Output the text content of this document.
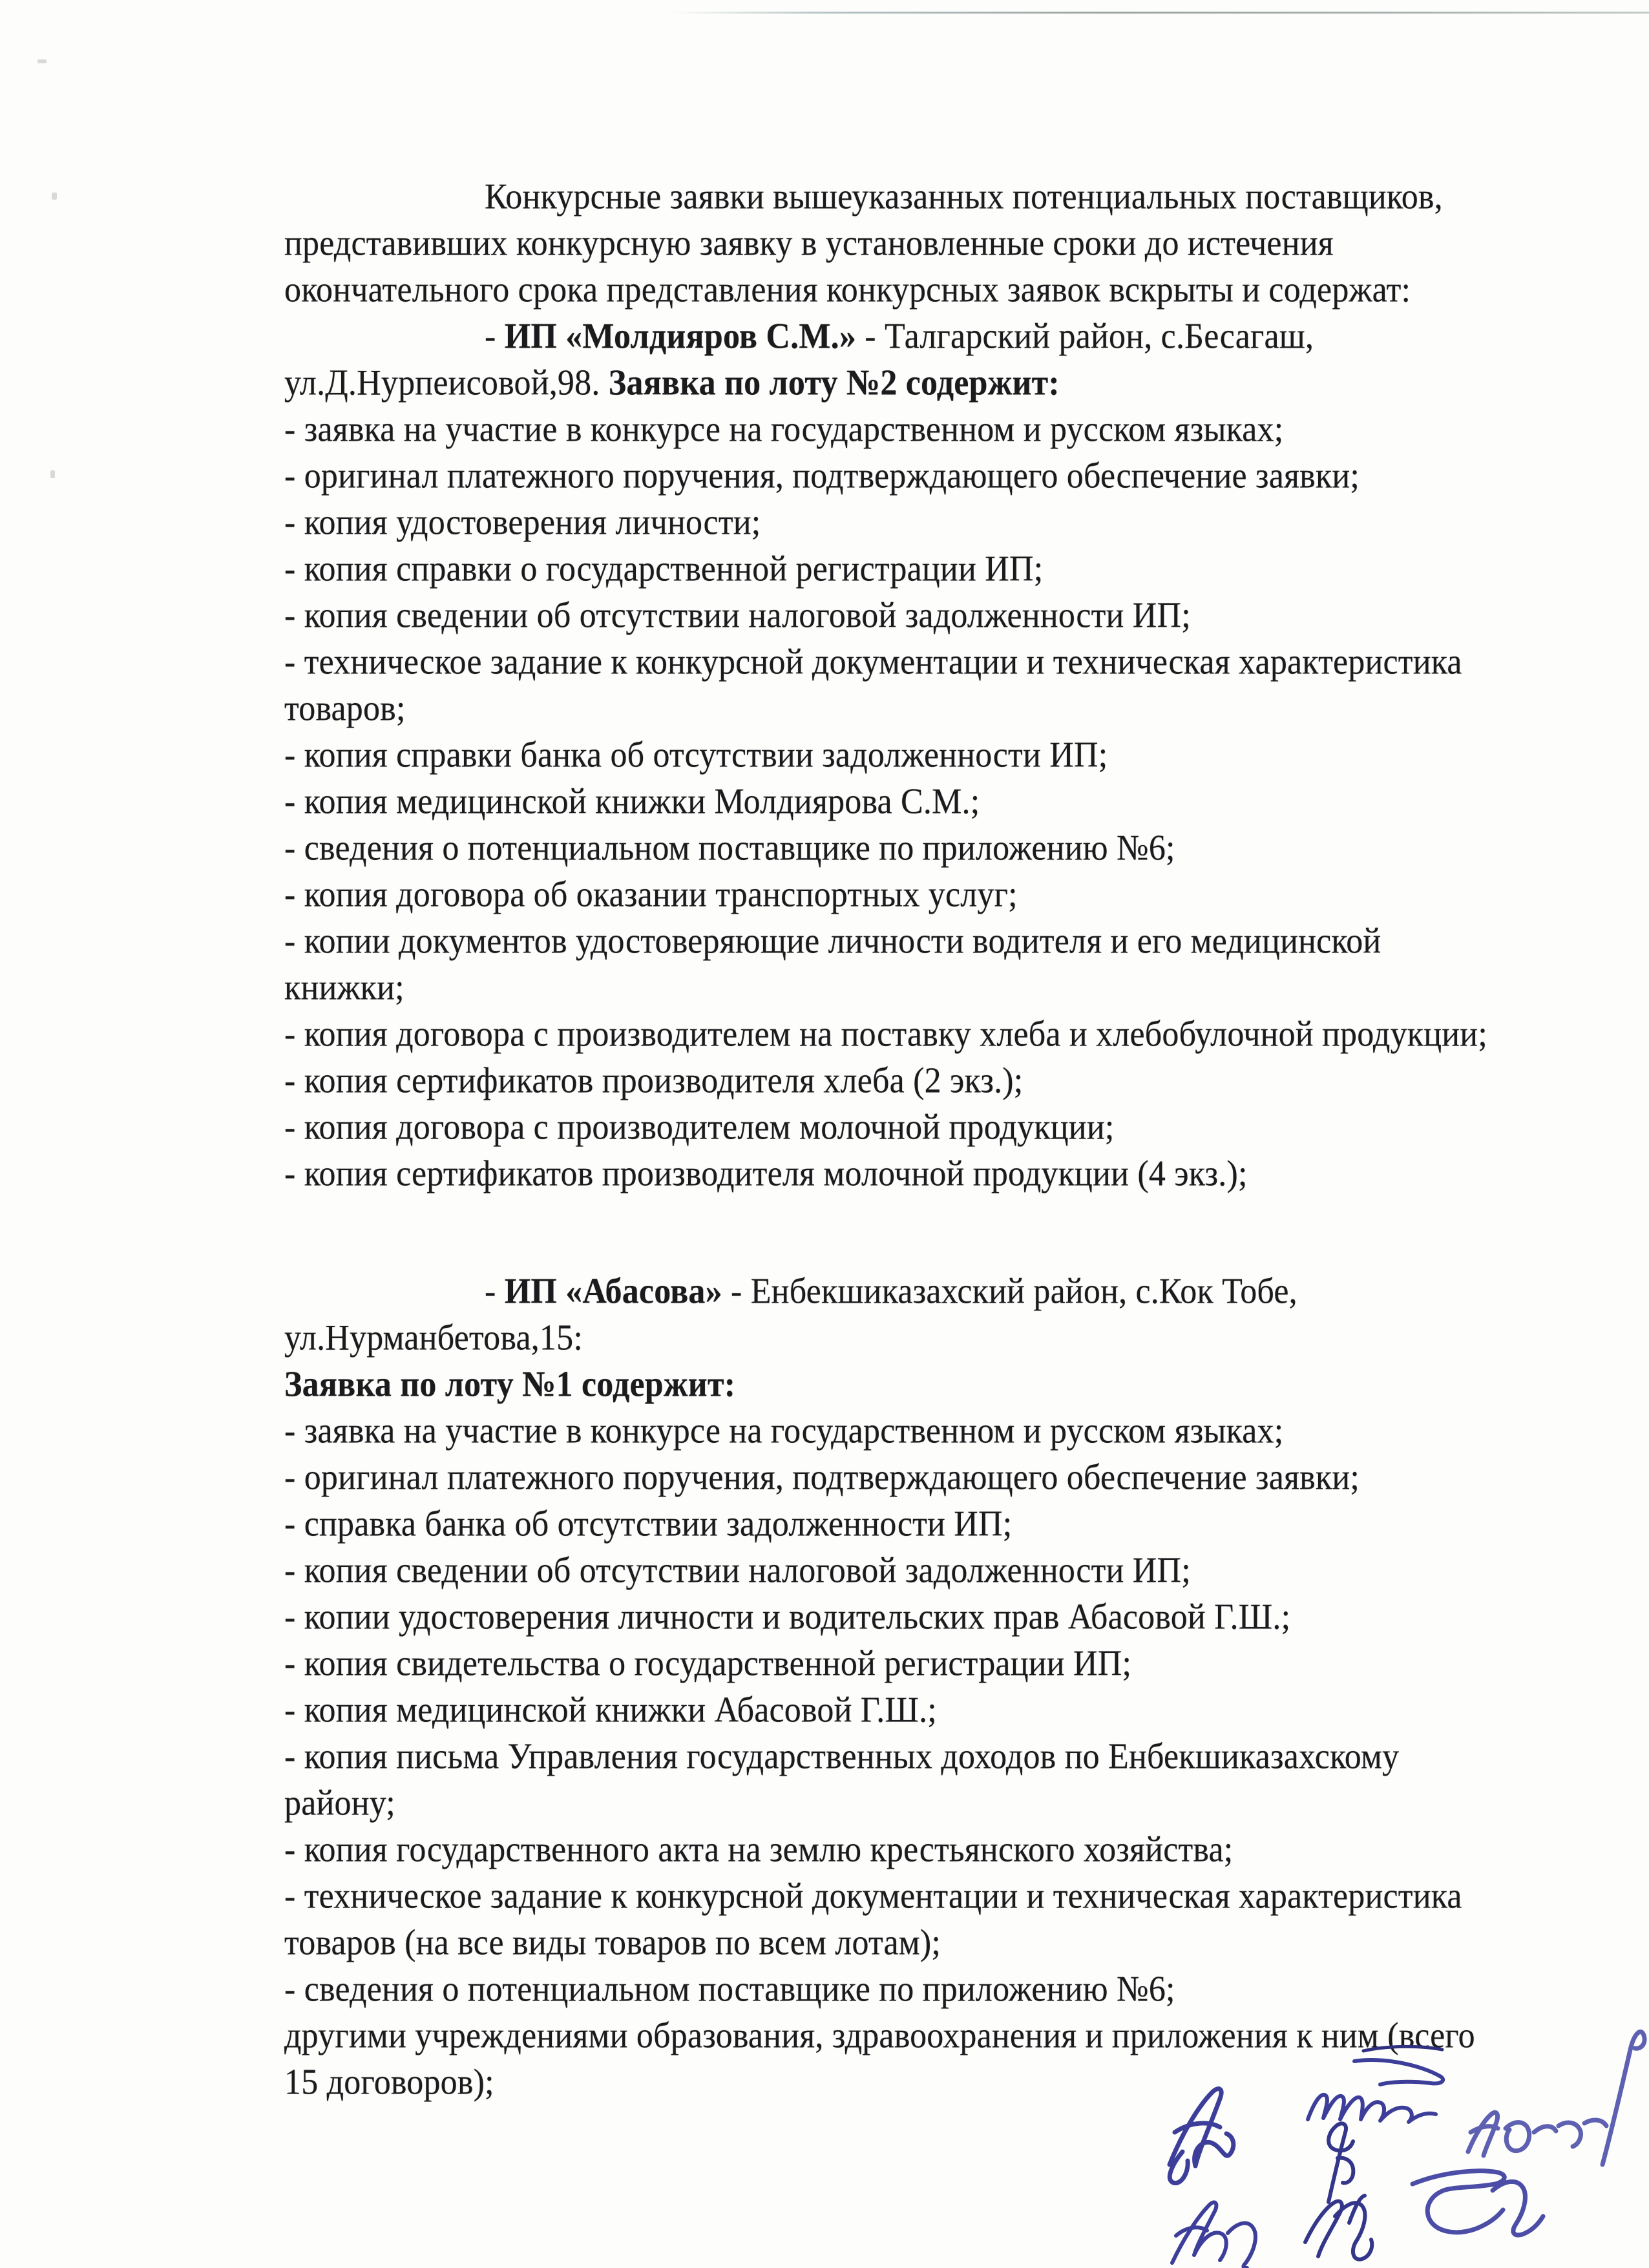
Конкурсные заявки вышеуказанных потенциальных поставщиков,
представивших конкурсную заявку в установленные сроки до истечения
окончательного срока представления конкурсных заявок вскрыты и содержат:
- ИП «Молдияров С.М.» - Талгарский район, с.Бесагаш,
ул.Д.Нурпеисовой,98. Заявка по лоту №2 содержит:
- заявка на участие в конкурсе на государственном и русском языках;
- оригинал платежного поручения, подтверждающего обеспечение заявки;
- копия удостоверения личности;
- копия справки о государственной регистрации ИП;
- копия сведении об отсутствии налоговой задолженности ИП;
- техническое задание к конкурсной документации и техническая характеристика
товаров;
- копия справки банка об отсутствии задолженности ИП;
- копия медицинской книжки Молдиярова С.М.;
- сведения о потенциальном поставщике по приложению №6;
- копия договора об оказании транспортных услуг;
- копии документов удостоверяющие личности водителя и его медицинской
книжки;
- копия договора с производителем на поставку хлеба и хлебобулочной продукции;
- копия сертификатов производителя хлеба (2 экз.);
- копия договора с производителем молочной продукции;
- копия сертификатов производителя молочной продукции (4 экз.);
- ИП «Абасова» - Енбекшиказахский район, с.Кок Тобе,
ул.Нурманбетова,15:
Заявка по лоту №1 содержит:
- заявка на участие в конкурсе на государственном и русском языках;
- оригинал платежного поручения, подтверждающего обеспечение заявки;
- справка банка об отсутствии задолженности ИП;
- копия сведении об отсутствии налоговой задолженности ИП;
- копии удостоверения личности и водительских прав Абасовой Г.Ш.;
- копия свидетельства о государственной регистрации ИП;
- копия медицинской книжки Абасовой Г.Ш.;
- копия письма Управления государственных доходов по Енбекшиказахскому
району;
- копия государственного акта на землю крестьянского хозяйства;
- техническое задание к конкурсной документации и техническая характеристика
товаров (на все виды товаров по всем лотам);
- сведения о потенциальном поставщике по приложению №6;
другими учреждениями образования, здравоохранения и приложения к ним (всего
15 договоров);
